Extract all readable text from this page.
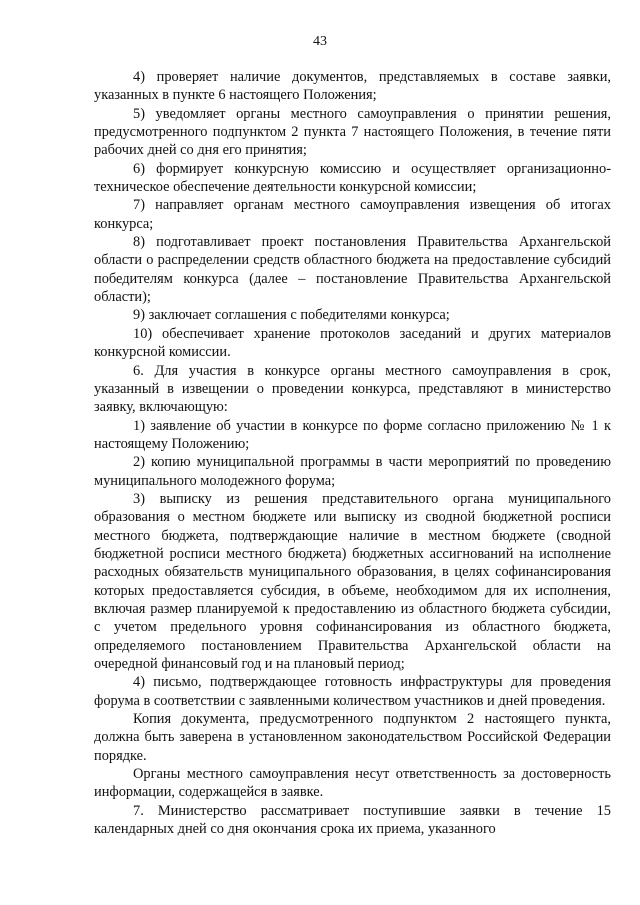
43

4) проверяет наличие документов, представляемых в составе заявки, указанных в пункте 6 настоящего Положения;

5) уведомляет органы местного самоуправления о принятии решения, предусмотренного подпунктом 2 пункта 7 настоящего Положения, в течение пяти рабочих дней со дня его принятия;

6) формирует конкурсную комиссию и осуществляет организационно-техническое обеспечение деятельности конкурсной комиссии;

7) направляет органам местного самоуправления извещения об итогах конкурса;

8) подготавливает проект постановления Правительства Архангельской области о распределении средств областного бюджета на предоставление субсидий победителям конкурса (далее – постановление Правительства Архангельской области);

9) заключает соглашения с победителями конкурса;

10) обеспечивает хранение протоколов заседаний и других материалов конкурсной комиссии.

6. Для участия в конкурсе органы местного самоуправления в срок, указанный в извещении о проведении конкурса, представляют в министерство заявку, включающую:

1) заявление об участии в конкурсе по форме согласно приложению № 1 к настоящему Положению;

2) копию муниципальной программы в части мероприятий по проведению муниципального молодежного форума;

3) выписку из решения представительного органа муниципального образования о местном бюджете или выписку из сводной бюджетной росписи местного бюджета, подтверждающие наличие в местном бюджете (сводной бюджетной росписи местного бюджета) бюджетных ассигнований на исполнение расходных обязательств муниципального образования, в целях софинансирования которых предоставляется субсидия, в объеме, необходимом для их исполнения, включая размер планируемой к предоставлению из областного бюджета субсидии, с учетом предельного уровня софинансирования из областного бюджета, определяемого постановлением Правительства Архангельской области на очередной финансовый год и на плановый период;

4) письмо, подтверждающее готовность инфраструктуры для проведения форума в соответствии с заявленными количеством участников и дней проведения.

Копия документа, предусмотренного подпунктом 2 настоящего пункта, должна быть заверена в установленном законодательством Российской Федерации порядке.

Органы местного самоуправления несут ответственность за достоверность информации, содержащейся в заявке.

7. Министерство рассматривает поступившие заявки в течение 15 календарных дней со дня окончания срока их приема, указанного
